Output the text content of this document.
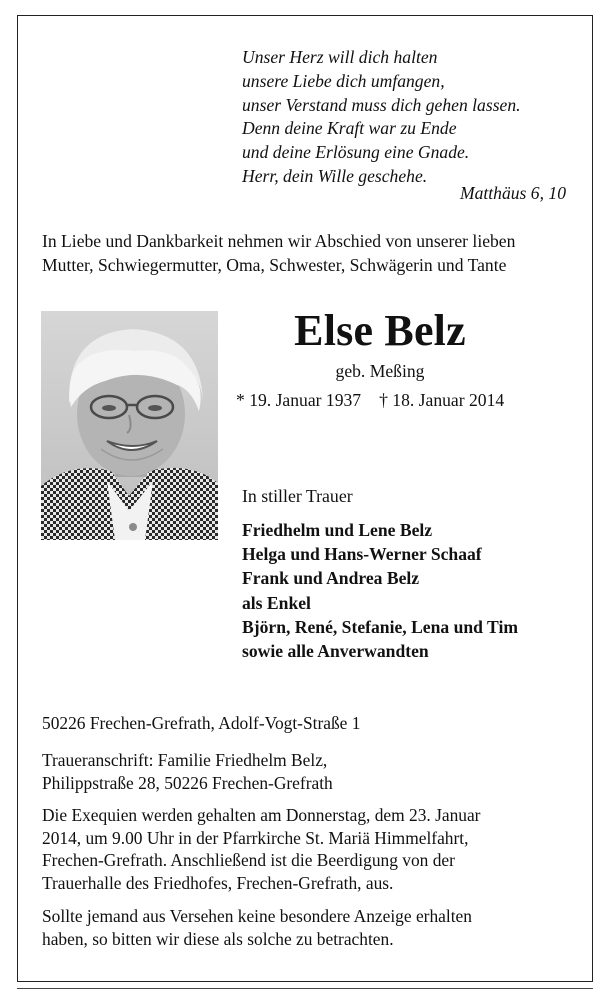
Unser Herz will dich halten
unsere Liebe dich umfangen,
unser Verstand muss dich gehen lassen.
Denn deine Kraft war zu Ende
und deine Erlösung eine Gnade.
Herr, dein Wille geschehe.
Matthäus 6, 10
In Liebe und Dankbarkeit nehmen wir Abschied von unserer lieben
Mutter, Schwiegermutter, Oma, Schwester, Schwägerin und Tante
Else Belz
geb. Meßing
* 19. Januar 1937 † 18. Januar 2014
In stiller Trauer
Friedhelm und Lene Belz
Helga und Hans-Werner Schaaf
Frank und Andrea Belz
als Enkel
Björn, René, Stefanie, Lena und Tim
sowie alle Anverwandten
50226 Frechen-Grefrath, Adolf-Vogt-Straße 1
Traueranschrift: Familie Friedhelm Belz,
Philippstraße 28, 50226 Frechen-Grefrath
Die Exequien werden gehalten am Donnerstag, dem 23. Januar
2014, um 9.00 Uhr in der Pfarrkirche St. Mariä Himmelfahrt,
Frechen-Grefrath. Anschließend ist die Beerdigung von der
Trauerhalle des Friedhofes, Frechen-Grefrath, aus.
Sollte jemand aus Versehen keine besondere Anzeige erhalten
haben, so bitten wir diese als solche zu betrachten.
